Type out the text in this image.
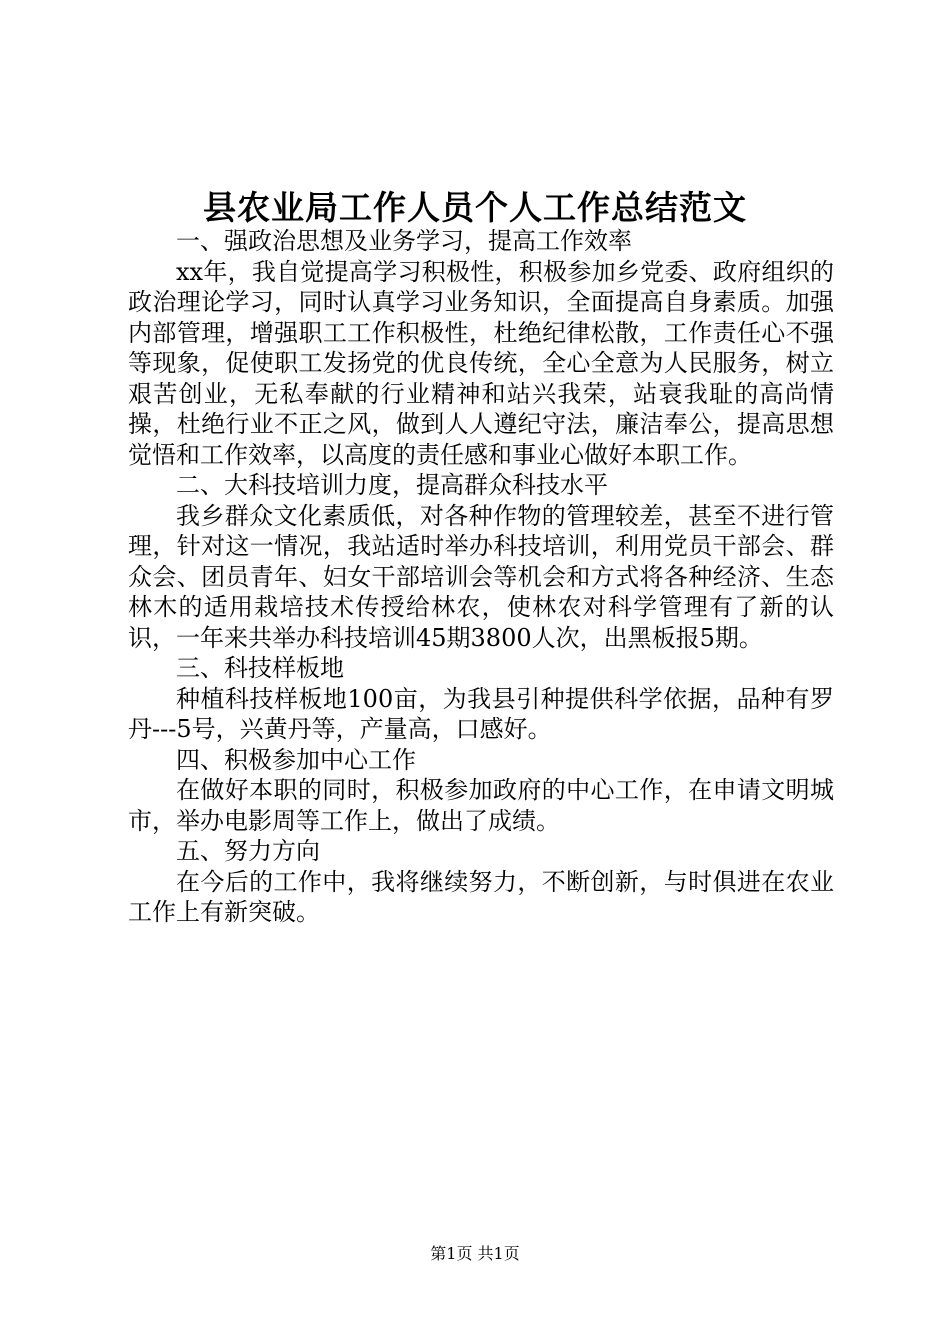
县农业局工作人员个人工作总结范文

一、强政治思想及业务学习，提高工作效率

xx年，我自觉提高学习积极性，积极参加乡党委、政府组织的政治理论学习，同时认真学习业务知识，全面提高自身素质。加强内部管理，增强职工工作积极性，杜绝纪律松散，工作责任心不强等现象，促使职工发扬党的优良传统，全心全意为人民服务，树立艰苦创业，无私奉献的行业精神和站兴我荣，站衰我耻的高尚情操，杜绝行业不正之风，做到人人遵纪守法，廉洁奉公，提高思想觉悟和工作效率，以高度的责任感和事业心做好本职工作。

二、大科技培训力度，提高群众科技水平

我乡群众文化素质低，对各种作物的管理较差，甚至不进行管理，针对这一情况，我站适时举办科技培训，利用党员干部会、群众会、团员青年、妇女干部培训会等机会和方式将各种经济、生态林木的适用栽培技术传授给林农，使林农对科学管理有了新的认识，一年来共举办科技培训45期3800人次，出黑板报5期。

三、科技样板地

种植科技样板地100亩，为我县引种提供科学依据，品种有罗丹---5号，兴黄丹等，产量高，口感好。

四、积极参加中心工作

在做好本职的同时，积极参加政府的中心工作，在申请文明城市，举办电影周等工作上，做出了成绩。

五、努力方向

在今后的工作中，我将继续努力，不断创新，与时俱进在农业工作上有新突破。

第1页 共1页
